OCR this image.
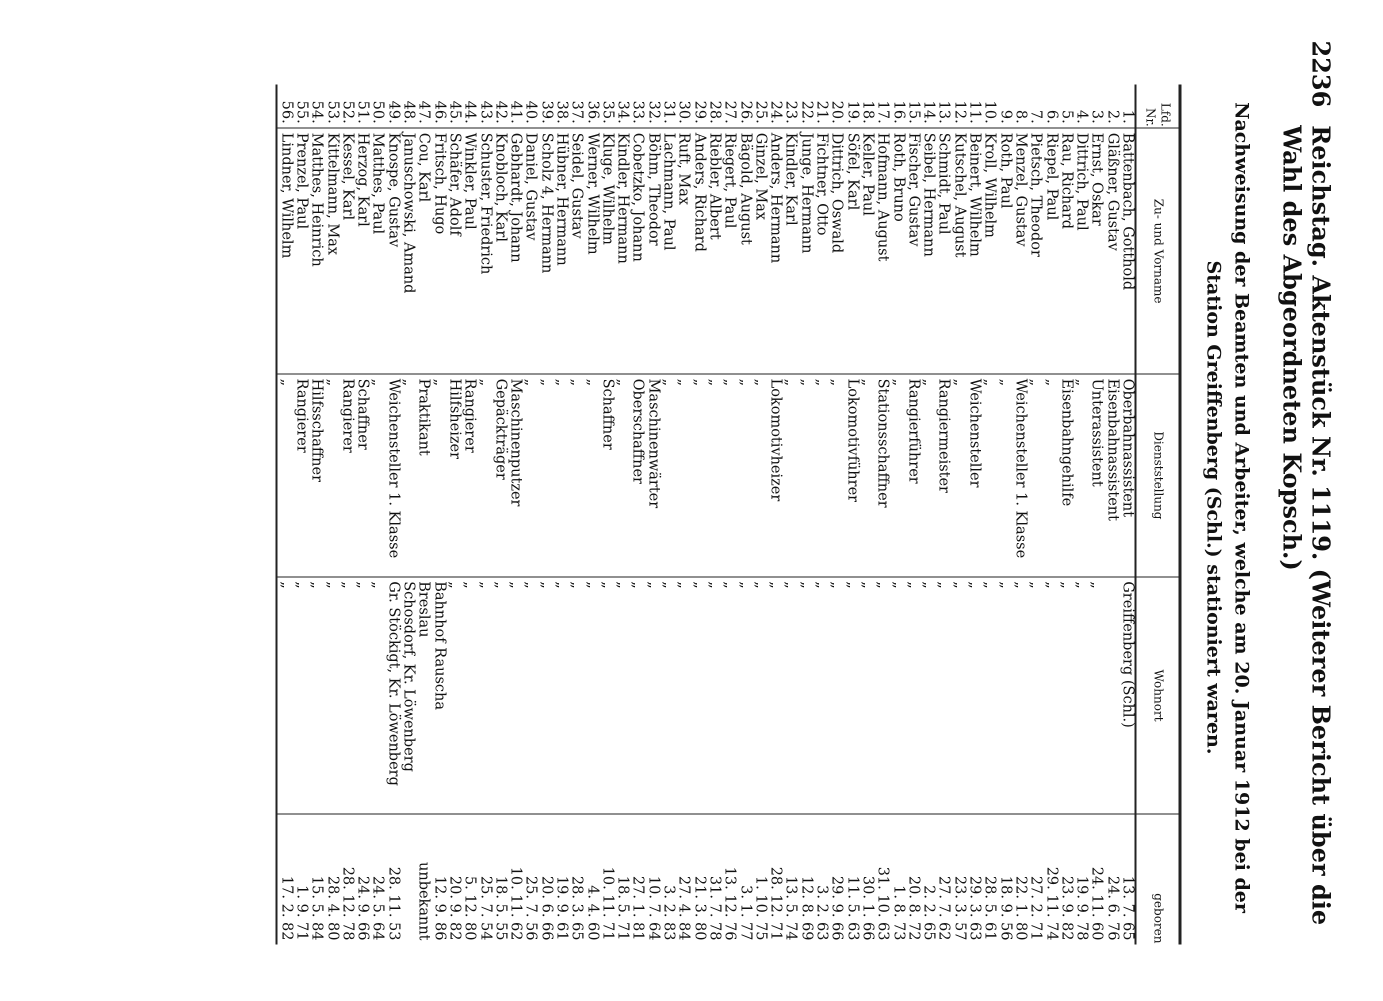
2236
Reichstag. Aktenstück Nr. 1119. (Weiterer Bericht über die Wahl des Abgeordneten Kopsch.)
Nachweisung der Beamten und Arbeiter, welche am 20. Januar 1912 bei der Station Greiffenberg (Schl.) stationiert waren.
Lfd. Nr.	Zu- und Vorname	Dienststellung	Wohnort	geboren
1.	Battenbach, Gotthold	Oberbahnassistent	Greiffenberg (Schl.)	13. 7. 65
2.	Gläßner, Gustav	Eisenbahnassistent		24. 6. 76
3.	Ernst, Oskar	Unterassistent	„	24. 11. 60
4.	Dittrich, Paul	„	„	19. 9. 78
5.	Rau, Richard	Eisenbahngehilfe	„	23. 9. 82
6.	Riepel, Paul	„	„	29. 11. 74
7.	Pietsch, Theodor	„	„	27. 2. 71
8.	Menzel, Gustav	Weichensteller 1. Klasse	„	22. 1. 80
9.	Roth, Paul	„	„	18. 9. 56
10.	Kroll, Wilhelm	„	„	28. 5. 61
11.	Beinert, Wilhelm	Weichensteller	„	29. 3. 63
12.	Kutschel, August	„	„	23. 3. 57
13.	Schmidt, Paul	Rangiermeister	„	27. 7. 62
14.	Seibel, Hermann	„	„	2. 2. 65
15.	Fischer, Gustav	Rangierführer	„	20. 8. 72
16.	Roth, Bruno	„	„	1. 8. 73
17.	Hofmann, August	Stationsschaffner	„	31. 10. 63
18.	Keller, Paul	„	„	30. 1. 66
19.	Söfel, Karl	Lokomotivführer	„	11. 5. 63
20.	Dittrich, Oswald	„	„	29. 9. 66
21.	Fichtner, Otto	„	„	3. 2. 63
22.	Junge, Hermann	„	„	12. 8. 69
23.	Kindler, Karl	„	„	13. 5. 74
24.	Anders, Hermann	Lokomotivheizer	„	28. 12. 71
25.	Ginzel, Max	„	„	1. 10. 75
26.	Bägold, August	„	„	3. 1. 77
27.	Riegert, Paul	„	„	13. 12. 76
28.	Riebler, Albert	„	„	31. 7. 78
29.	Anders, Richard	„	„	21. 3. 80
30.	Ruft, Max	„	„	27. 4. 84
31.	Lachmann, Paul	„	„	3. 2. 83
32.	Böhm, Theodor	Maschinenwärter	„	10. 7. 64
33.	Cobetzko, Johann	Oberschaffner	„	27. 1. 81
34.	Kindler, Hermann	„	„	18. 5. 71
35.	Kluge, Wilhelm	Schaffner	„	10. 11. 71
36.	Werner, Wilhelm	„	„	4. 4. 60
37.	Seidel, Gustav	„	„	28. 3. 65
38.	Hübner, Hermann	„	„	19. 9. 61
39.	Scholz 4, Hermann	„	„	20. 6. 66
40.	Daniel, Gustav	„	„	25. 7. 56
41.	Gebhardt, Johann	Maschinenputzer	„	10. 11. 62
42.	Knobloch, Karl	Gepäckträger	„	18. 5. 55
43.	Schuster, Friedrich	„	„	25. 7. 54
44.	Winkler, Paul	Rangierer	„	5. 12. 80
45.	Schäfer, Adolf	Hilfsheizer	„	20. 9. 82
46.	Fritsch, Hugo	„	Bahnhof Rauscha	12. 9. 86
47.	Cou, Karl	Praktikant	Breslau	unbekannt
48.	Januschowski, Amand	„	Schosdorf, Kr. Löwenberg	
49.	Knospe, Gustav	Weichensteller 1. Klasse	Gr. Stöckigt, Kr. Löwenberg	28. 11. 53
50.	Matthes, Paul	„	„	24. 5. 64
51.	Herzog, Karl	Schaffner	„	24. 9. 66
52.	Kessel, Karl	Rangierer	„	28. 12. 78
53.	Kittelmann, Max	„	„	28. 4. 80
54.	Matthes, Heinrich	Hilfsschaffner	„	15. 5. 84
55.	Prenzel, Paul	Rangierer	„	1. 9. 71
56.	Lindner, Wilhelm	„	„	17. 2. 82
